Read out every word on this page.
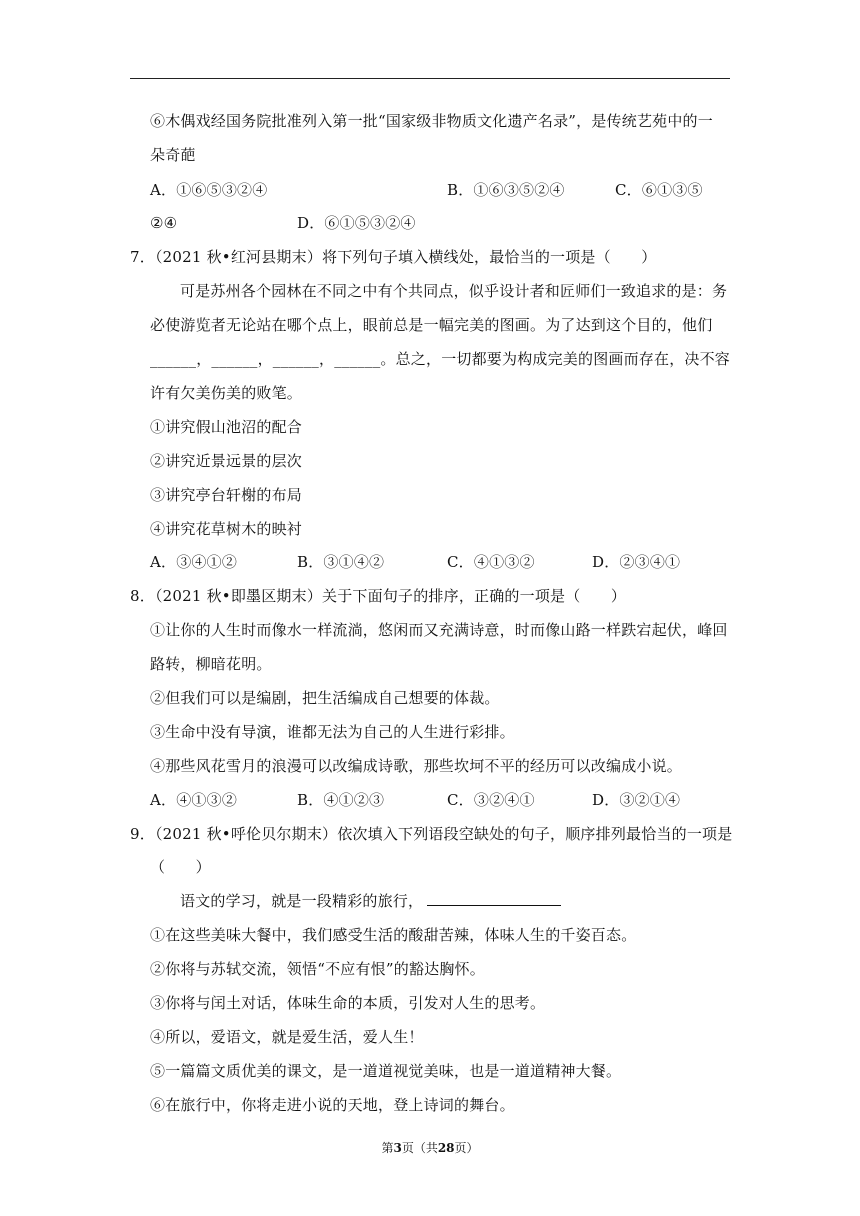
⑥木偶戏经国务院批准列入第一批“国家级非物质文化遗产名录”，是传统艺苑中的一
朵奇葩
A．①⑥⑤③②④	B．①⑥③⑤②④	C．⑥①③⑤
②④	D．⑥①⑤③②④
7．（2021 秋•红河县期末）将下列句子填入横线处，最恰当的一项是（　　）
可是苏州各个园林在不同之中有个共同点，似乎设计者和匠师们一致追求的是：务
必使游览者无论站在哪个点上，眼前总是一幅完美的图画。为了达到这个目的，他们
______，______，______，______。总之，一切都要为构成完美的图画而存在，决不容
许有欠美伤美的败笔。
①讲究假山池沼的配合
②讲究近景远景的层次
③讲究亭台轩榭的布局
④讲究花草树木的映衬
A．③④①②	B．③①④②	C．④①③②	D．②③④①
8．（2021 秋•即墨区期末）关于下面句子的排序，正确的一项是（　　）
①让你的人生时而像水一样流淌，悠闲而又充满诗意，时而像山路一样跌宕起伏，峰回
路转，柳暗花明。
②但我们可以是编剧，把生活编成自己想要的体裁。
③生命中没有导演，谁都无法为自己的人生进行彩排。
④那些风花雪月的浪漫可以改编成诗歌，那些坎坷不平的经历可以改编成小说。
A．④①③②	B．④①②③	C．③②④①	D．③②①④
9．（2021 秋•呼伦贝尔期末）依次填入下列语段空缺处的句子，顺序排列最恰当的一项是
（　　）
语文的学习，就是一段精彩的旅行，
①在这些美味大餐中，我们感受生活的酸甜苦辣，体味人生的千姿百态。
②你将与苏轼交流，领悟“不应有恨”的豁达胸怀。
③你将与闰土对话，体味生命的本质，引发对人生的思考。
④所以，爱语文，就是爱生活，爱人生！
⑤一篇篇文质优美的课文，是一道道视觉美味，也是一道道精神大餐。
⑥在旅行中，你将走进小说的天地，登上诗词的舞台。
第3页（共28页）
